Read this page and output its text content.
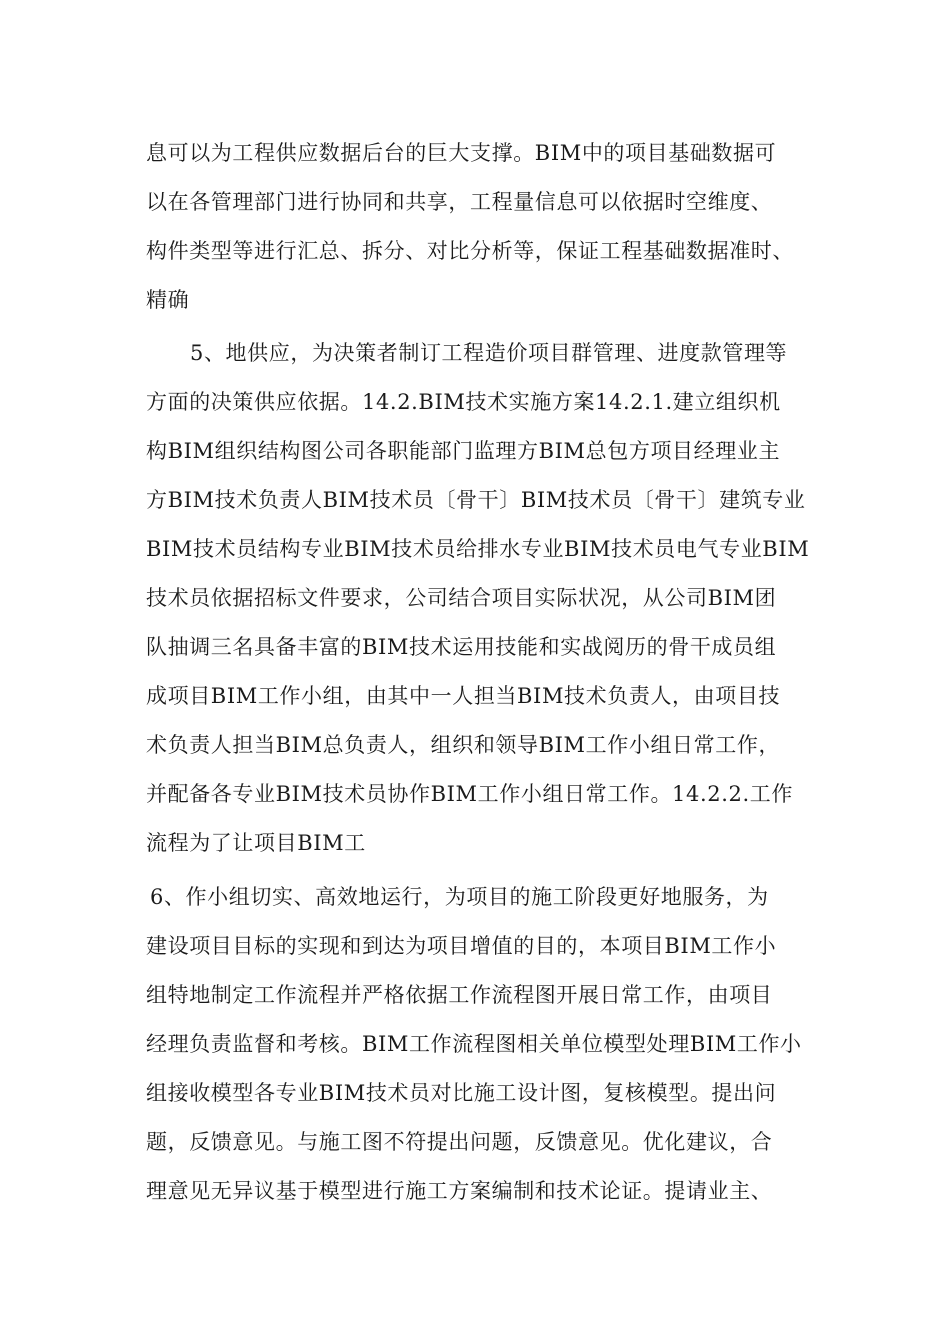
息可以为工程供应数据后台的巨大支撑。BIM中的项目基础数据可
以在各管理部门进行协同和共享，工程量信息可以依据时空维度、
构件类型等进行汇总、拆分、对比分析等，保证工程基础数据准时、
精确
5、地供应，为决策者制订工程造价项目群管理、进度款管理等
方面的决策供应依据。14.2.BIM技术实施方案14.2.1.建立组织机
构BIM组织结构图公司各职能部门监理方BIM总包方项目经理业主
方BIM技术负责人BIM技术员〔骨干〕BIM技术员〔骨干〕建筑专业
BIM技术员结构专业BIM技术员给排水专业BIM技术员电气专业BIM
技术员依据招标文件要求，公司结合项目实际状况，从公司BIM团
队抽调三名具备丰富的BIM技术运用技能和实战阅历的骨干成员组
成项目BIM工作小组，由其中一人担当BIM技术负责人，由项目技
术负责人担当BIM总负责人，组织和领导BIM工作小组日常工作，
并配备各专业BIM技术员协作BIM工作小组日常工作。14.2.2.工作
流程为了让项目BIM工
6、作小组切实、高效地运行，为项目的施工阶段更好地服务，为
建设项目目标的实现和到达为项目增值的目的，本项目BIM工作小
组特地制定工作流程并严格依据工作流程图开展日常工作，由项目
经理负责监督和考核。BIM工作流程图相关单位模型处理BIM工作小
组接收模型各专业BIM技术员对比施工设计图，复核模型。提出问
题，反馈意见。与施工图不符提出问题，反馈意见。优化建议，合
理意见无异议基于模型进行施工方案编制和技术论证。提请业主、
